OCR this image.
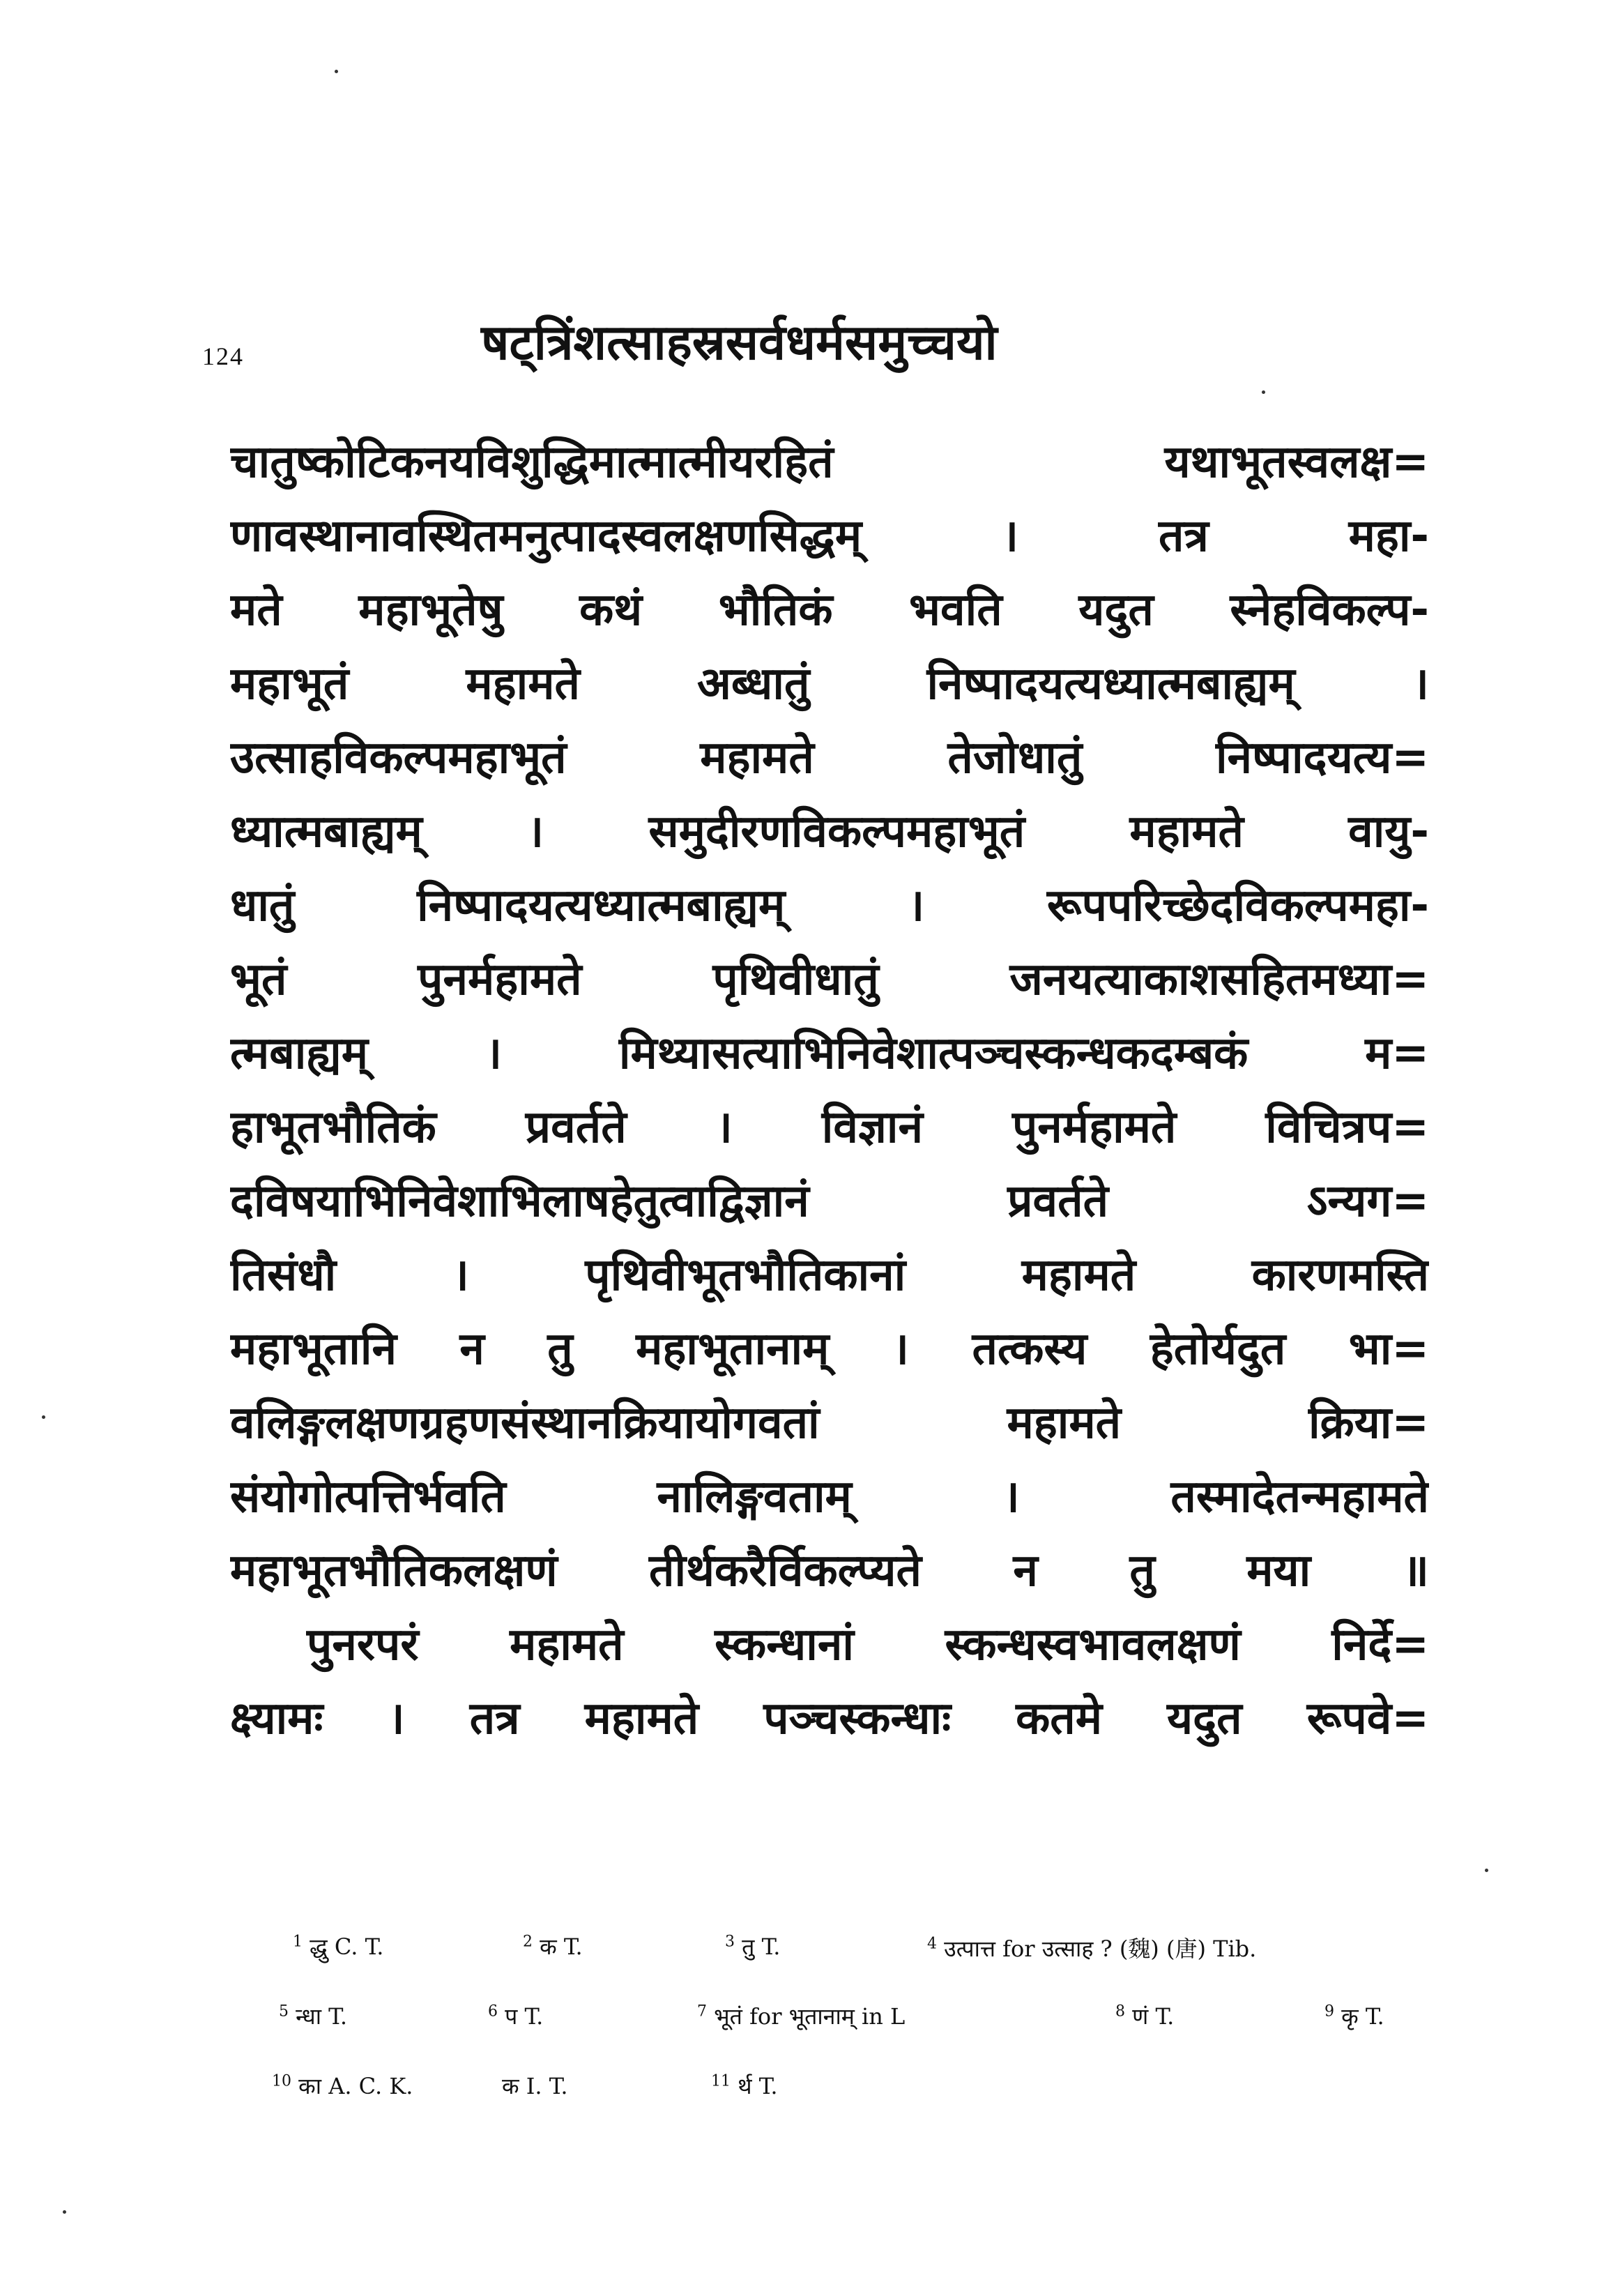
124	षट्त्रिंशत्साहस्रसर्वधर्मसमुच्चयो
चातुष्कोटिकनयविशुद्धिमात्मात्मीयरहितं यथाभूतस्वलक्ष=
णावस्थानावस्थितमनुत्पादस्वलक्षणसिद्धम् । तत्र महा-
मते महाभूतेषु कथं भौतिकं भवति यदुत स्नेहविकल्प-
महाभूतं महामते अब्धातुं निष्पादयत्यध्यात्मबाह्यम् ।
उत्साहविकल्पमहाभूतं महामते तेजोधातुं निष्पादयत्य=
ध्यात्मबाह्यम् । समुदीरणविकल्पमहाभूतं महामते वायु-
धातुं निष्पादयत्यध्यात्मबाह्यम् । रूपपरिच्छेदविकल्पमहा-
भूतं पुनर्महामते पृथिवीधातुं जनयत्याकाशसहितमध्या=
त्मबाह्यम् । मिथ्यासत्याभिनिवेशात्पञ्चस्कन्धकदम्बकं म=
हाभूतभौतिकं प्रवर्तते । विज्ञानं पुनर्महामते विचित्रप=
दविषयाभिनिवेशाभिलाषहेतुत्वाद्विज्ञानं प्रवर्तते ऽन्यग=
तिसंधौ । पृथिवीभूतभौतिकानां महामते कारणमस्ति
महाभूतानि न तु महाभूतानाम् । तत्कस्य हेतोर्यदुत भा=
वलिङ्गलक्षणग्रहणसंस्थानक्रियायोगवतां महामते क्रिया=
संयोगोत्पत्तिर्भवति नालिङ्गवताम् । तस्मादेतन्महामते
महाभूतभौतिकलक्षणं तीर्थकरैर्विकल्प्यते न तु मया ॥
पुनरपरं महामते स्कन्धानां स्कन्धस्वभावलक्षणं निर्दे=
क्ष्यामः । तत्र महामते पञ्चस्कन्धाः कतमे यदुत रूपवे=
$^1$ द्धु C. T.	$^2$ क T.	$^3$ तु T.	$^4$ उत्पात्त for उत्साह ? (魏) (唐) Tib.
$^5$ न्धा T.	$^6$ प T.	$^7$ भूतं for भूतानाम् in L	$^8$ णं T.	$^9$ कृ T.
$^{10}$ का A. C. K.	क I. T.	$^{11}$ र्थ T.
